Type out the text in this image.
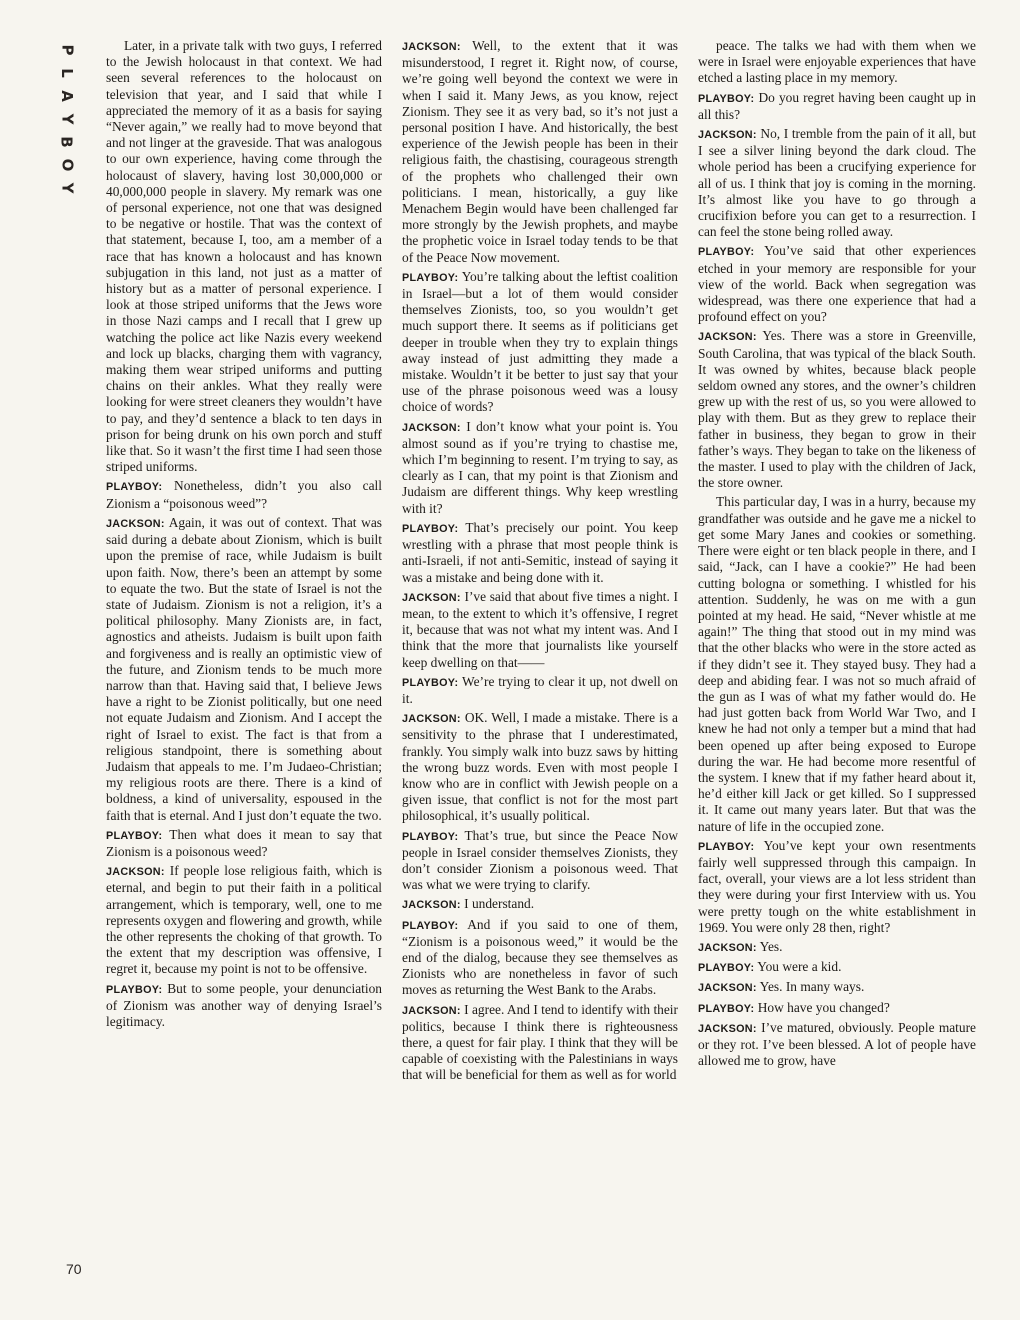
P
L
A
Y
B
O
Y

Later, in a private talk with two guys, I referred to the Jewish holocaust in that context. We had seen several references to the holocaust on television that year, and I said that while I appreciated the memory of it as a basis for saying “Never again,” we really had to move beyond that and not linger at the graveside. That was analogous to our own experience, having come through the holocaust of slavery, having lost 30,000,000 or 40,000,000 people in slavery. My remark was one of personal experience, not one that was designed to be negative or hostile. That was the context of that statement, because I, too, am a member of a race that has known a holocaust and has known subjugation in this land, not just as a matter of history but as a matter of personal experience. I look at those striped uniforms that the Jews wore in those Nazi camps and I recall that I grew up watching the police act like Nazis every weekend and lock up blacks, charging them with vagrancy, making them wear striped uniforms and putting chains on their ankles. What they really were looking for were street cleaners they wouldn’t have to pay, and they’d sentence a black to ten days in prison for being drunk on his own porch and stuff like that. So it wasn’t the first time I had seen those striped uniforms.

PLAYBOY: Nonetheless, didn’t you also call Zionism a “poisonous weed”?

JACKSON: Again, it was out of context. That was said during a debate about Zionism, which is built upon the premise of race, while Judaism is built upon faith. Now, there’s been an attempt by some to equate the two. But the state of Israel is not the state of Judaism. Zionism is not a religion, it’s a political philosophy. Many Zionists are, in fact, agnostics and atheists. Judaism is built upon faith and forgiveness and is really an optimistic view of the future, and Zionism tends to be much more narrow than that. Having said that, I believe Jews have a right to be Zionist politically, but one need not equate Judaism and Zionism. And I accept the right of Israel to exist. The fact is that from a religious standpoint, there is something about Judaism that appeals to me. I’m Judaeo-Christian; my religious roots are there. There is a kind of boldness, a kind of universality, espoused in the faith that is eternal. And I just don’t equate the two.

PLAYBOY: Then what does it mean to say that Zionism is a poisonous weed?

JACKSON: If people lose religious faith, which is eternal, and begin to put their faith in a political arrangement, which is temporary, well, one to me represents oxygen and flowering and growth, while the other represents the choking of that growth. To the extent that my description was offensive, I regret it, because my point is not to be offensive.

PLAYBOY: But to some people, your denunciation of Zionism was another way of denying Israel’s legitimacy.

JACKSON: Well, to the extent that it was misunderstood, I regret it. Right now, of course, we’re going well beyond the context we were in when I said it. Many Jews, as you know, reject Zionism. They see it as very bad, so it’s not just a personal position I have. And historically, the best experience of the Jewish people has been in their religious faith, the chastising, courageous strength of the prophets who challenged their own politicians. I mean, historically, a guy like Menachem Begin would have been challenged far more strongly by the Jewish prophets, and maybe the prophetic voice in Israel today tends to be that of the Peace Now movement.

PLAYBOY: You’re talking about the leftist coalition in Israel—but a lot of them would consider themselves Zionists, too, so you wouldn’t get much support there. It seems as if politicians get deeper in trouble when they try to explain things away instead of just admitting they made a mistake. Wouldn’t it be better to just say that your use of the phrase poisonous weed was a lousy choice of words?

JACKSON: I don’t know what your point is. You almost sound as if you’re trying to chastise me, which I’m beginning to resent. I’m trying to say, as clearly as I can, that my point is that Zionism and Judaism are different things. Why keep wrestling with it?

PLAYBOY: That’s precisely our point. You keep wrestling with a phrase that most people think is anti-Israeli, if not anti-Semitic, instead of saying it was a mistake and being done with it.

JACKSON: I’ve said that about five times a night. I mean, to the extent to which it’s offensive, I regret it, because that was not what my intent was. And I think that the more that journalists like yourself keep dwelling on that——

PLAYBOY: We’re trying to clear it up, not dwell on it.

JACKSON: OK. Well, I made a mistake. There is a sensitivity to the phrase that I underestimated, frankly. You simply walk into buzz saws by hitting the wrong buzz words. Even with most people I know who are in conflict with Jewish people on a given issue, that conflict is not for the most part philosophical, it’s usually political.

PLAYBOY: That’s true, but since the Peace Now people in Israel consider themselves Zionists, they don’t consider Zionism a poisonous weed. That was what we were trying to clarify.

JACKSON: I understand.

PLAYBOY: And if you said to one of them, “Zionism is a poisonous weed,” it would be the end of the dialog, because they see themselves as Zionists who are nonetheless in favor of such moves as returning the West Bank to the Arabs.

JACKSON: I agree. And I tend to identify with their politics, because I think there is righteousness there, a quest for fair play. I think that they will be capable of coexisting with the Palestinians in ways that will be beneficial for them as well as for world

peace. The talks we had with them when we were in Israel were enjoyable experiences that have etched a lasting place in my memory.

PLAYBOY: Do you regret having been caught up in all this?

JACKSON: No, I tremble from the pain of it all, but I see a silver lining beyond the dark cloud. The whole period has been a crucifying experience for all of us. I think that joy is coming in the morning. It’s almost like you have to go through a crucifixion before you can get to a resurrection. I can feel the stone being rolled away.

PLAYBOY: You’ve said that other experiences etched in your memory are responsible for your view of the world. Back when segregation was widespread, was there one experience that had a profound effect on you?

JACKSON: Yes. There was a store in Greenville, South Carolina, that was typical of the black South. It was owned by whites, because black people seldom owned any stores, and the owner’s children grew up with the rest of us, so you were allowed to play with them. But as they grew to replace their father in business, they began to grow in their father’s ways. They began to take on the likeness of the master. I used to play with the children of Jack, the store owner.

This particular day, I was in a hurry, because my grandfather was outside and he gave me a nickel to get some Mary Janes and cookies or something. There were eight or ten black people in there, and I said, “Jack, can I have a cookie?” He had been cutting bologna or something. I whistled for his attention. Suddenly, he was on me with a gun pointed at my head. He said, “Never whistle at me again!” The thing that stood out in my mind was that the other blacks who were in the store acted as if they didn’t see it. They stayed busy. They had a deep and abiding fear. I was not so much afraid of the gun as I was of what my father would do. He had just gotten back from World War Two, and I knew he had not only a temper but a mind that had been opened up after being exposed to Europe during the war. He had become more resentful of the system. I knew that if my father heard about it, he’d either kill Jack or get killed. So I suppressed it. It came out many years later. But that was the nature of life in the occupied zone.

PLAYBOY: You’ve kept your own resentments fairly well suppressed through this campaign. In fact, overall, your views are a lot less strident than they were during your first Interview with us. You were pretty tough on the white establishment in 1969. You were only 28 then, right?

JACKSON: Yes.

PLAYBOY: You were a kid.

JACKSON: Yes. In many ways.

PLAYBOY: How have you changed?

JACKSON: I’ve matured, obviously. People mature or they rot. I’ve been blessed. A lot of people have allowed me to grow, have

70
